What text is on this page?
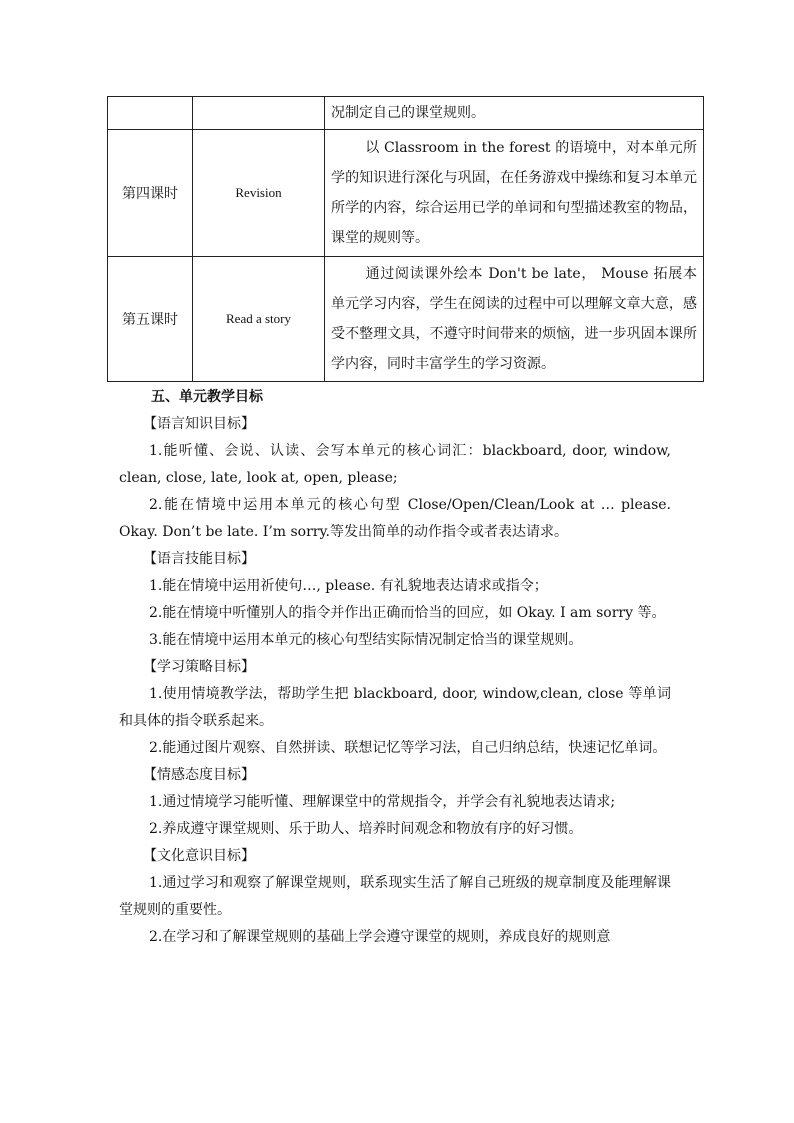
		况制定自己的课堂规则。
第四课时	Revision	以 Classroom in the forest 的语境中，对本单元所学的知识进行深化与巩固，在任务游戏中操练和复习本单元所学的内容，综合运用已学的单词和句型描述教室的物品，课堂的规则等。
第五课时	Read a story	通过阅读课外绘本 Don't be late， Mouse 拓展本单元学习内容，学生在阅读的过程中可以理解文章大意，感受不整理文具，不遵守时间带来的烦恼，进一步巩固本课所学内容，同时丰富学生的学习资源。

五、单元教学目标

【语言知识目标】

1.能听懂、会说、认读、会写本单元的核心词汇：blackboard, door, window, clean, close, late, look at, open, please;

2.能在情境中运用本单元的核心句型 Close/Open/Clean/Look at … please. Okay. Don’t be late. I’m sorry.等发出简单的动作指令或者表达请求。

【语言技能目标】

1.能在情境中运用祈使句…, please. 有礼貌地表达请求或指令；

2.能在情境中听懂别人的指令并作出正确而恰当的回应，如 Okay. I am sorry 等。

3.能在情境中运用本单元的核心句型结实际情况制定恰当的课堂规则。

【学习策略目标】

1.使用情境教学法，帮助学生把 blackboard, door, window,clean, close 等单词和具体的指令联系起来。

2.能通过图片观察、自然拼读、联想记忆等学习法，自己归纳总结，快速记忆单词。

【情感态度目标】

1.通过情境学习能听懂、理解课堂中的常规指令，并学会有礼貌地表达请求;

2.养成遵守课堂规则、乐于助人、培养时间观念和物放有序的好习惯。

【文化意识目标】

1.通过学习和观察了解课堂规则，联系现实生活了解自己班级的规章制度及能理解课堂规则的重要性。

2.在学习和了解课堂规则的基础上学会遵守课堂的规则，养成良好的规则意
